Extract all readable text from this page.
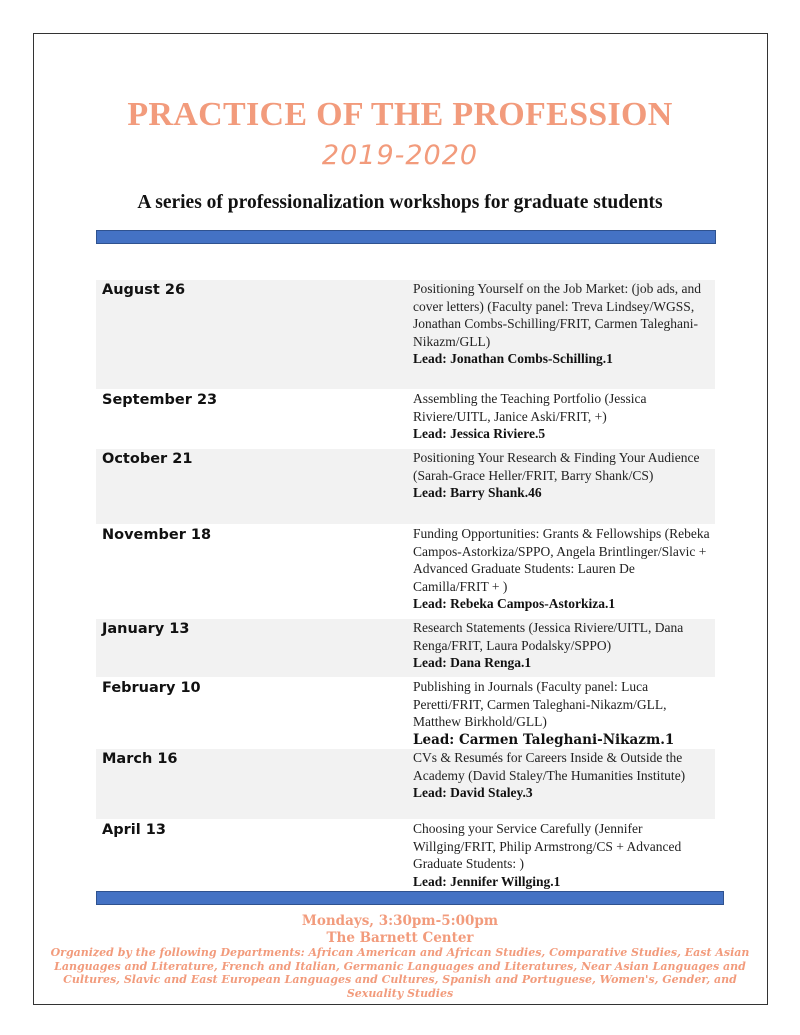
PRACTICE OF THE PROFESSION
2019-2020
A series of professionalization workshops for graduate students
August 26	Positioning Yourself on the Job Market: (job ads, and cover letters) (Faculty panel: Treva Lindsey/WGSS, Jonathan Combs-Schilling/FRIT, Carmen Taleghani-Nikazm/GLL)
Lead: Jonathan Combs-Schilling.1
September 23	Assembling the Teaching Portfolio (Jessica Riviere/UITL, Janice Aski/FRIT, +)
Lead: Jessica Riviere.5
October 21	Positioning Your Research & Finding Your Audience (Sarah-Grace Heller/FRIT, Barry Shank/CS)
Lead: Barry Shank.46
November 18	Funding Opportunities: Grants & Fellowships (Rebeka Campos-Astorkiza/SPPO, Angela Brintlinger/Slavic + Advanced Graduate Students: Lauren De Camilla/FRIT + )
Lead: Rebeka Campos-Astorkiza.1
January 13	Research Statements (Jessica Riviere/UITL, Dana Renga/FRIT, Laura Podalsky/SPPO)
Lead: Dana Renga.1
February 10	Publishing in Journals (Faculty panel: Luca Peretti/FRIT, Carmen Taleghani-Nikazm/GLL, Matthew Birkhold/GLL)
Lead: Carmen Taleghani-Nikazm.1
March 16	CVs & Resumés for Careers Inside & Outside the Academy (David Staley/The Humanities Institute)
Lead: David Staley.3
April 13	Choosing your Service Carefully (Jennifer Willging/FRIT, Philip Armstrong/CS + Advanced Graduate Students: )
Lead: Jennifer Willging.1
Mondays, 3:30pm-5:00pm
The Barnett Center
Organized by the following Departments: African American and African Studies, Comparative Studies, East Asian Languages and Literature, French and Italian, Germanic Languages and Literatures, Near Asian Languages and Cultures, Slavic and East European Languages and Cultures, Spanish and Portuguese, Women's, Gender, and Sexuality Studies
